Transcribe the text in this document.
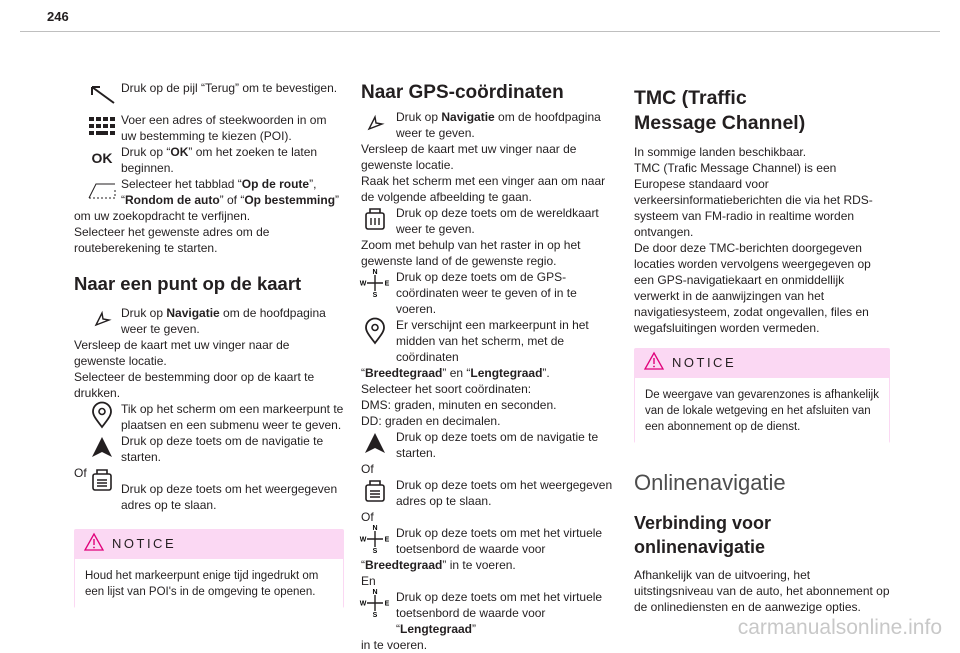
246
Druk op de pijl “Terug” om te bevestigen.
Voer een adres of steekwoorden in om uw bestemming te kiezen (POI).
OK Druk op “OK” om het zoeken te laten beginnen.
Selecteer het tabblad “Op de route”, “Rondom de auto” of “Op bestemming”

om uw zoekopdracht te verfijnen.

Selecteer het gewenste adres om de routeberekening te starten.

Naar een punt op de kaart
Druk op Navigatie om de hoofdpagina weer te geven.

Versleep de kaart met uw vinger naar de gewenste locatie.

Selecteer de bestemming door op de kaart te drukken.

Tik op het scherm om een markeerpunt te plaatsen en een submenu weer te geven.
Druk op deze toets om de navigatie te starten.

Of

Druk op deze toets om het weergegeven adres op te slaan.
NOTICE
Houd het markeerpunt enige tijd ingedrukt om een lijst van POI's in de omgeving te openen.
Naar GPS-coördinaten
Druk op Navigatie om de hoofdpagina weer te geven.

Versleep de kaart met uw vinger naar de gewenste locatie.

Raak het scherm met een vinger aan om naar de volgende afbeelding te gaan.

Druk op deze toets om de wereldkaart weer te geven.

Zoom met behulp van het raster in op het gewenste land of de gewenste regio.

N
S
W	E Druk op deze toets om de GPS-coördinaten weer te geven of in te voeren.
Er verschijnt een markeerpunt in het midden van het scherm, met de coördinaten

“Breedtegraad” en “Lengtegraad”.

Selecteer het soort coördinaten:

DMS: graden, minuten en seconden.

DD: graden en decimalen.

Druk op deze toets om de navigatie te starten.

Of

Druk op deze toets om het weergegeven adres op te slaan.

Of

N
S
W	E Druk op deze toets om met het virtuele toetsenbord de waarde voor

“Breedtegraad” in te voeren.

En

N
S
W	E Druk op deze toets om met het virtuele toetsenbord de waarde voor “Lengtegraad”

in te voeren.

TMC (Traffic Message Channel)

In sommige landen beschikbaar.

TMC (Trafic Message Channel) is een Europese standaard voor verkeersinformatieberichten die via het RDS-systeem van FM-radio in realtime worden ontvangen.

De door deze TMC-berichten doorgegeven locaties worden vervolgens weergegeven op een GPS-navigatiekaart en onmiddellijk verwerkt in de aanwijzingen van het navigatiesysteem, zodat ongevallen, files en wegafsluitingen worden vermeden.

NOTICE
De weergave van gevarenzones is afhankelijk van de lokale wetgeving en het afsluiten van een abonnement op de dienst.
Onlinenavigatie
Verbinding voor onlinenavigatie

Afhankelijk van de uitvoering, het uitstingsniveau van de auto, het abonnement op de onlinediensten en de aanwezige opties.

carmanualsonline.info
